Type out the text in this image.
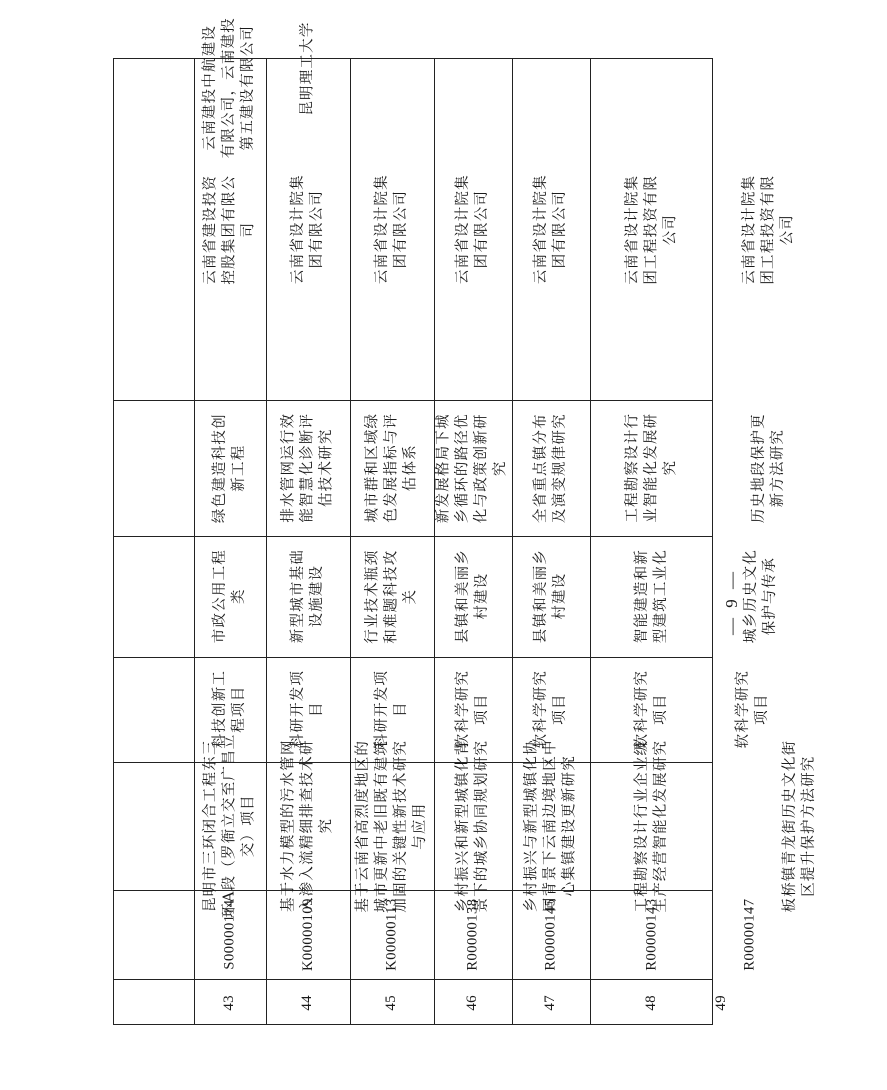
43
S00000114
昆明市三环闭合工程东三 环A段（罗衙立交至广昌立 交）项目
科技创新工 程项目
市政公用工程 类
绿色建造科技创 新工程
云南省建设投资 控股集团有限公 司
云南建投中航建设 有限公司，云南建投 第五建设有限公司
44
K00000109
基于水力模型的污水管网 入渗入流精细排查技术研 究
科研开发项 目
新型城市基础 设施建设
排水管网运行效 能智慧化诊断评 估技术研究
云南省设计院集 团有限公司
昆明理工大学
45
K00000113
基于云南省高烈度地区的 城市更新中老旧既有建筑 加固的关键性新技术研究 与应用
科研开发项 目
行业技术瓶颈 和难题科技攻 关
城市群和区域绿 色发展指标与评 估体系
云南省设计院集 团有限公司
46
R00000138
乡村振兴和新型城镇化背 景下的城乡协同规划研究
软科学研究 项目
县镇和美丽乡 村建设
新发展格局下城 乡循环的路径优 化与政策创新研 究
云南省设计院集 团有限公司
47
R00000145
乡村振兴与新型城镇化协 同背景下云南边境地区中 心集镇建设更新研究
软科学研究 项目
县镇和美丽乡 村建设
全省重点镇分布 及演变规律研究
云南省设计院集 团有限公司
48
R00000143
工程勘察设计行业企业级 生产经营智能化发展研究
软科学研究 项目
智能建造和新 型建筑工业化
工程勘察设计行 业智能化发展研 究
云南省设计院集 团工程投资有限 公司
49
R00000147
板桥镇青龙街历史文化街 区提升保护方法研究
软科学研究 项目
城乡历史文化 保护与传承
历史地段保护更 新方法研究
云南省设计院集 团工程投资有限 公司
— 9 —
